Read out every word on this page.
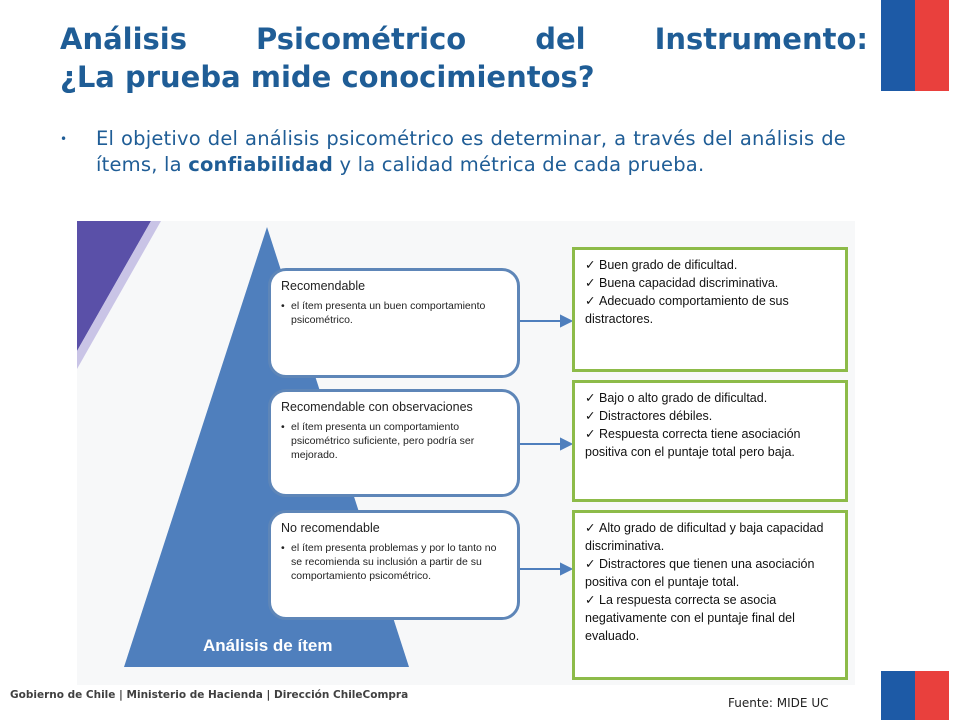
Análisis Psicométrico del Instrumento:
¿La prueba mide conocimientos?
• El objetivo del análisis psicométrico es determinar, a través del análisis de ítems, la confiabilidad y la calidad métrica de cada prueba.
Recomendable
• el ítem presenta un buen comportamiento psicométrico.
Recomendable con observaciones
• el ítem presenta un comportamiento psicométrico suficiente, pero podría ser mejorado.
No recomendable
• el ítem presenta problemas y por lo tanto no se recomienda su inclusión a partir de su comportamiento psicométrico.
✓ Buen grado de dificultad.
✓ Buena capacidad discriminativa.
✓ Adecuado comportamiento de sus distractores.
✓ Bajo o alto grado de dificultad.
✓ Distractores débiles.
✓ Respuesta correcta tiene asociación positiva con el puntaje total pero baja.
✓ Alto grado de dificultad y baja capacidad discriminativa.
✓ Distractores que tienen una asociación positiva con el puntaje total.
✓ La respuesta correcta se asocia negativamente con el puntaje final del evaluado.
Análisis de ítem
Gobierno de Chile | Ministerio de Hacienda | Dirección ChileCompra
Fuente: MIDE UC
